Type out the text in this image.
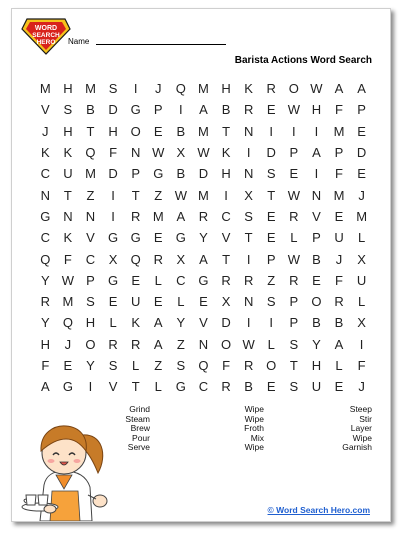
WORD
SEARCH
HERO Name
Barista Actions Word Search
M H M S	I	J	Q M H	K	R O W A	A
V	S	B	D G	P	I	A	B	R	E W H	F	P
J	H	T	H O	E	B M	T	N	I	I	I	M E
K	K	Q	F	N W X W K	I	D	P	A	P	D
C	U M D	P	G	B	D	H	N	S	E	I	F	E
N	T	Z	I	T	Z W M	I	X	T W N M	J
G N	N	I	R M A	R	C	S	E	R	V	E M
C	K	V	G G	E	G	Y	V	T	E	L	P	U	L
Q	F	C	X	Q R	X	A	T	I	P W B	J	X
Y W P	G	E	L	C G R	R	Z	R	E	F	U
R M S	E	U	E	L	E	X	N	S	P	O R	L
Y	Q H	L	K	A	Y	V	D	I	I	P	B	B	X
H	J	O R	R	A	Z	N O W L	S	Y	A	I
F	E	Y	S	L	Z	S	Q	F	R O	T	H	L	F
A	G	I	V	T	L	G C	R	B	E	S	U	E	J
Grind
Steam
Brew
Pour
Serve
Wipe
Wipe
Froth
Mix
Wipe
Steep
Stir
Layer
Wipe
Garnish
© Word Search Hero.com
